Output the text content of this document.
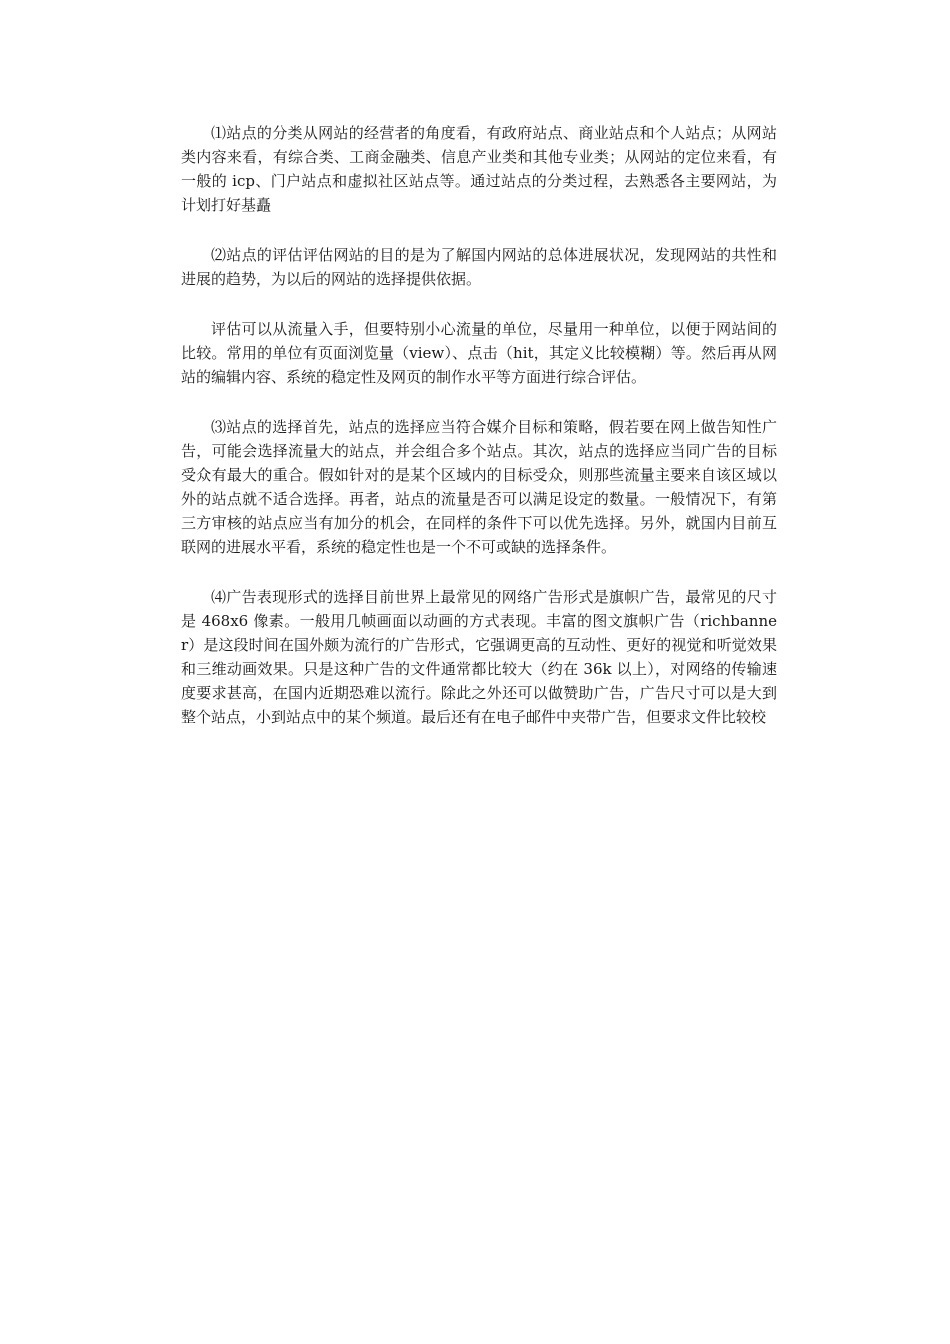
⑴站点的分类从网站的经营者的角度看，有政府站点、商业站点和个人站点；从网站类内容来看，有综合类、工商金融类、信息产业类和其他专业类；从网站的定位来看，有一般的 icp、门户站点和虚拟社区站点等。通过站点的分类过程，去熟悉各主要网站，为计划打好基矗

⑵站点的评估评估网站的目的是为了解国内网站的总体进展状况，发现网站的共性和进展的趋势，为以后的网站的选择提供依据。

评估可以从流量入手，但要特别小心流量的单位，尽量用一种单位，以便于网站间的比较。常用的单位有页面浏览量（view）、点击（hit，其定义比较模糊）等。然后再从网站的编辑内容、系统的稳定性及网页的制作水平等方面进行综合评估。

⑶站点的选择首先，站点的选择应当符合媒介目标和策略，假若要在网上做告知性广告，可能会选择流量大的站点，并会组合多个站点。其次，站点的选择应当同广告的目标受众有最大的重合。假如针对的是某个区域内的目标受众，则那些流量主要来自该区域以外的站点就不适合选择。再者，站点的流量是否可以满足设定的数量。一般情况下，有第三方审核的站点应当有加分的机会，在同样的条件下可以优先选择。另外，就国内目前互联网的进展水平看，系统的稳定性也是一个不可或缺的选择条件。

⑷广告表现形式的选择目前世界上最常见的网络广告形式是旗帜广告，最常见的尺寸是 468x6 像素。一般用几帧画面以动画的方式表现。丰富的图文旗帜广告（richbanner）是这段时间在国外颇为流行的广告形式，它强调更高的互动性、更好的视觉和听觉效果和三维动画效果。只是这种广告的文件通常都比较大（约在 36k 以上），对网络的传输速度要求甚高，在国内近期恐难以流行。除此之外还可以做赞助广告，广告尺寸可以是大到整个站点，小到站点中的某个频道。最后还有在电子邮件中夹带广告，但要求文件比较校
